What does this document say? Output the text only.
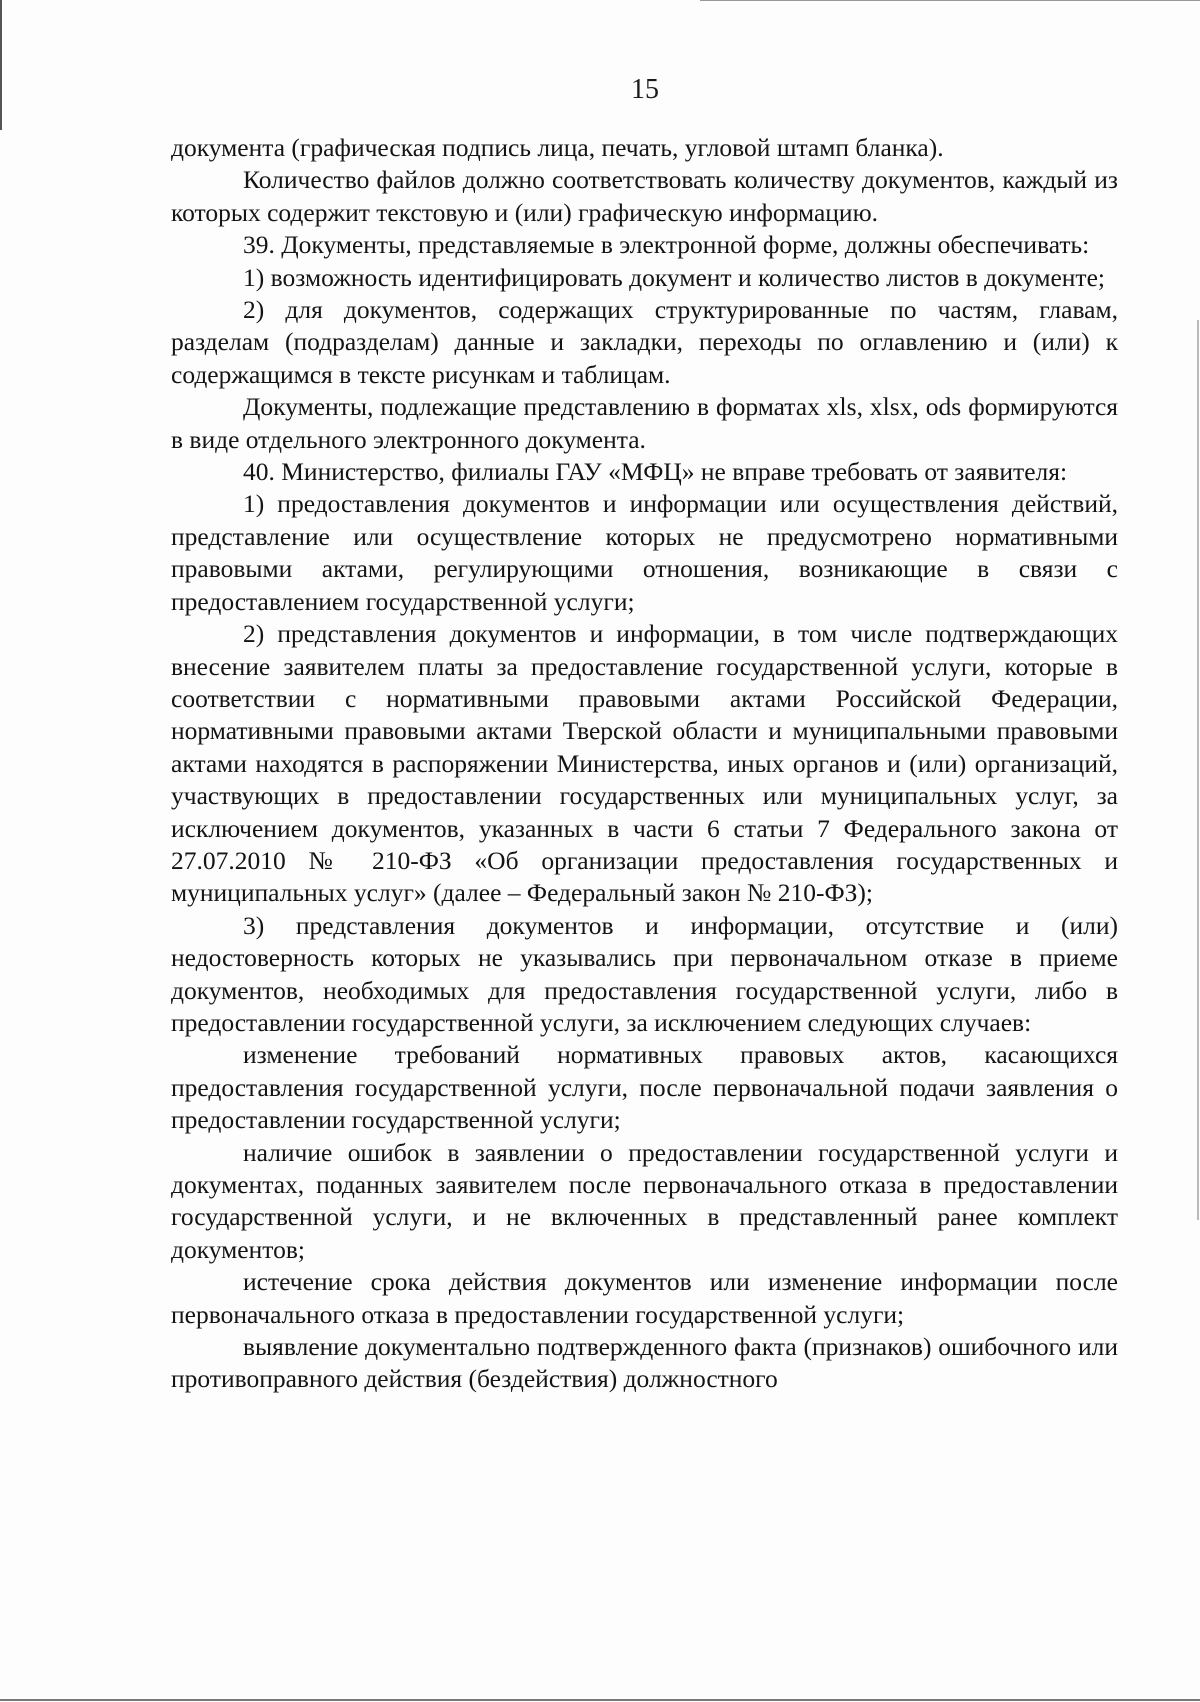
15

документа (графическая подпись лица, печать, угловой штамп бланка).

Количество файлов должно соответствовать количеству документов, каждый из которых содержит текстовую и (или) графическую информацию.

39. Документы, представляемые в электронной форме, должны обеспечивать:

1) возможность идентифицировать документ и количество листов в документе;

2) для документов, содержащих структурированные по частям, главам, разделам (подразделам) данные и закладки, переходы по оглавлению и (или) к содержащимся в тексте рисункам и таблицам.

Документы, подлежащие представлению в форматах xls, xlsx, ods формируются в виде отдельного электронного документа.

40. Министерство, филиалы ГАУ «МФЦ» не вправе требовать от заявителя:

1) предоставления документов и информации или осуществления действий, представление или осуществление которых не предусмотрено нормативными правовыми актами, регулирующими отношения, возникающие в связи с предоставлением государственной услуги;

2) представления документов и информации, в том числе подтверждающих внесение заявителем платы за предоставление государственной услуги, которые в соответствии с нормативными правовыми актами Российской Федерации, нормативными правовыми актами Тверской области и муниципальными правовыми актами находятся в распоряжении Министерства, иных органов и (или) организаций, участвующих в предоставлении государственных или муниципальных услуг, за исключением документов, указанных в части 6 статьи 7 Федерального закона от 27.07.2010 № 210-ФЗ «Об организации предоставления государственных и муниципальных услуг» (далее – Федеральный закон № 210-ФЗ);

3) представления документов и информации, отсутствие и (или) недостоверность которых не указывались при первоначальном отказе в приеме документов, необходимых для предоставления государственной услуги, либо в предоставлении государственной услуги, за исключением следующих случаев:

изменение требований нормативных правовых актов, касающихся предоставления государственной услуги, после первоначальной подачи заявления о предоставлении государственной услуги;

наличие ошибок в заявлении о предоставлении государственной услуги и документах, поданных заявителем после первоначального отказа в предоставлении государственной услуги, и не включенных в представленный ранее комплект документов;

истечение срока действия документов или изменение информации после первоначального отказа в предоставлении государственной услуги;

выявление документально подтвержденного факта (признаков) ошибочного или противоправного действия (бездействия) должностного
